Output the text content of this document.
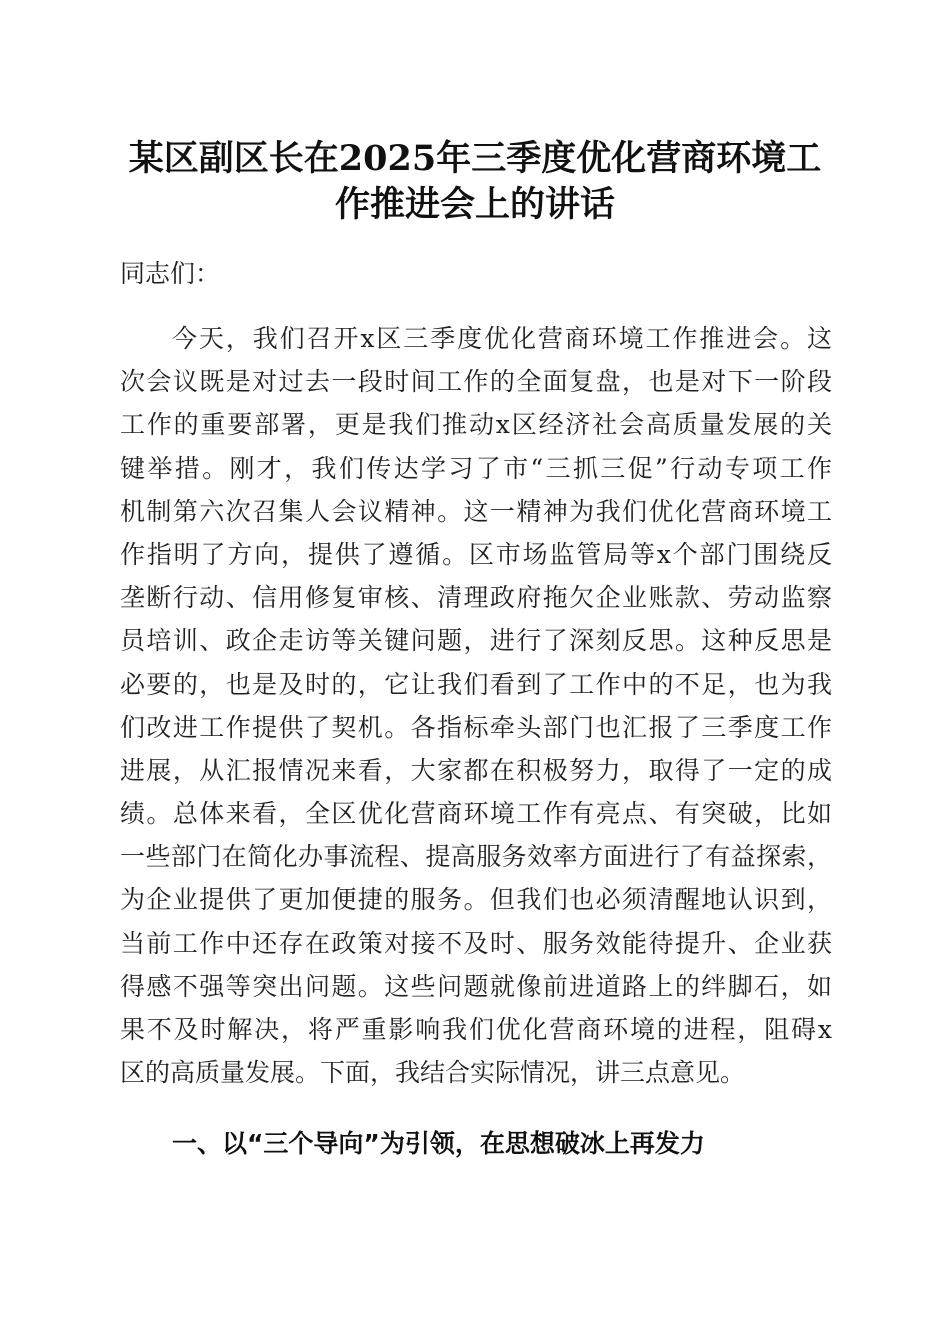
某区副区长在2025年三季度优化营商环境工
作推进会上的讲话
同志们：
今天，我们召开x区三季度优化营商环境工作推进会。这
次会议既是对过去一段时间工作的全面复盘，也是对下一阶段
工作的重要部署，更是我们推动x区经济社会高质量发展的关
键举措。刚才，我们传达学习了市“三抓三促”行动专项工作
机制第六次召集人会议精神。这一精神为我们优化营商环境工
作指明了方向，提供了遵循。区市场监管局等x个部门围绕反
垄断行动、信用修复审核、清理政府拖欠企业账款、劳动监察
员培训、政企走访等关键问题，进行了深刻反思。这种反思是
必要的，也是及时的，它让我们看到了工作中的不足，也为我
们改进工作提供了契机。各指标牵头部门也汇报了三季度工作
进展，从汇报情况来看，大家都在积极努力，取得了一定的成
绩。总体来看，全区优化营商环境工作有亮点、有突破，比如
一些部门在简化办事流程、提高服务效率方面进行了有益探索，
为企业提供了更加便捷的服务。但我们也必须清醒地认识到，
当前工作中还存在政策对接不及时、服务效能待提升、企业获
得感不强等突出问题。这些问题就像前进道路上的绊脚石，如
果不及时解决，将严重影响我们优化营商环境的进程，阻碍x
区的高质量发展。下面，我结合实际情况，讲三点意见。
一、以“三个导向”为引领，在思想破冰上再发力
